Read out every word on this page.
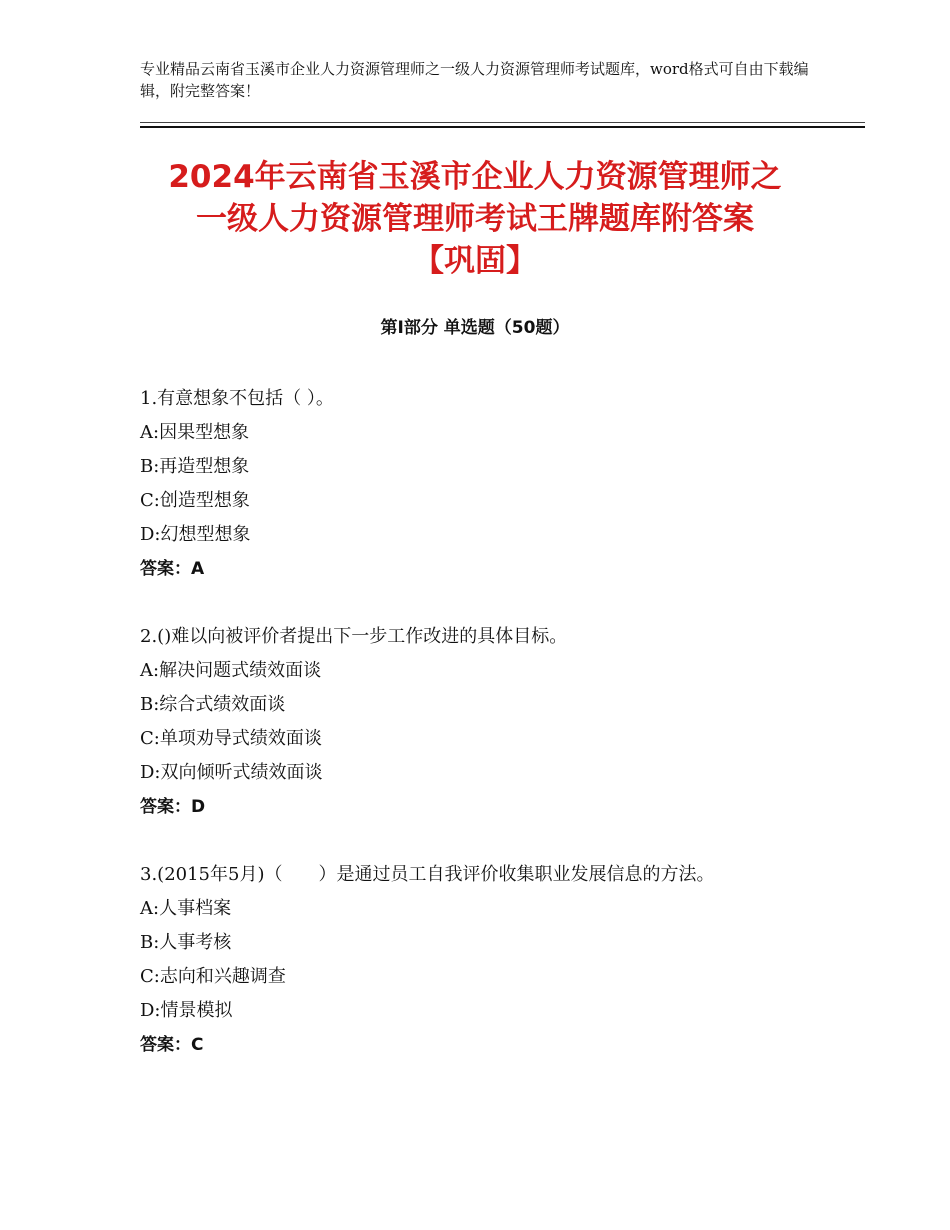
专业精品云南省玉溪市企业人力资源管理师之一级人力资源管理师考试题库，word格式可自由下载编辑，附完整答案！
2024年云南省玉溪市企业人力资源管理师之
一级人力资源管理师考试王牌题库附答案
【巩固】
第Ⅰ部分 单选题（50题）
1.有意想象不包括（ ）。
A:因果型想象
B:再造型想象
C:创造型想象
D:幻想型想象
答案：A
2.()难以向被评价者提出下一步工作改进的具体目标。
A:解决问题式绩效面谈
B:综合式绩效面谈
C:单项劝导式绩效面谈
D:双向倾听式绩效面谈
答案：D
3.(2015年5月)（　　）是通过员工自我评价收集职业发展信息的方法。
A:人事档案
B:人事考核
C:志向和兴趣调查
D:情景模拟
答案：C
